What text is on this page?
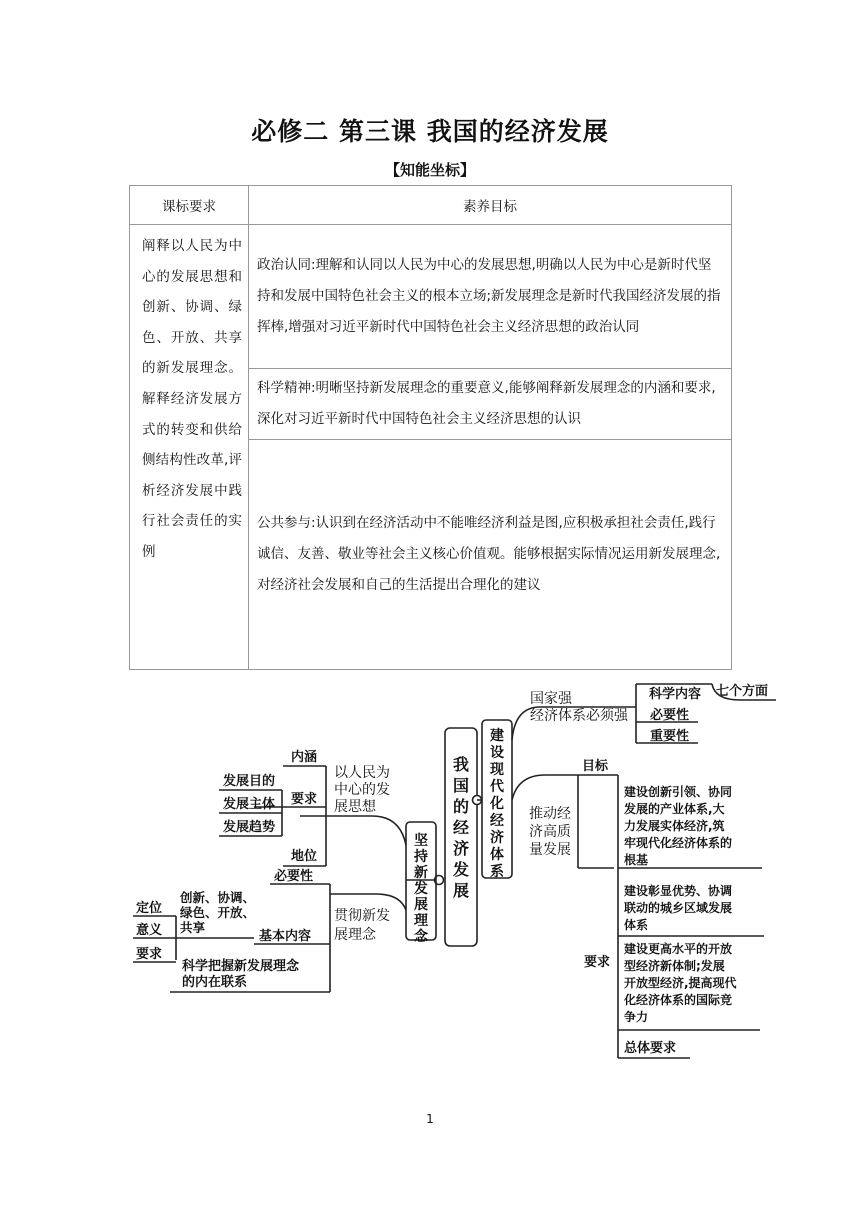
必修二 第三课 我国的经济发展
【知能坐标】
课标要求	素养目标
阐释以人民为中心的发展思想和创新、协调、绿色、开放、共享的新发展理念。解释经济发展方式的转变和供给侧结构性改革,评析经济发展中践行社会责任的实例	政治认同:理解和认同以人民为中心的发展思想,明确以人民为中心是新时代坚持和发展中国特色社会主义的根本立场;新发展理念是新时代我国经济发展的指挥棒,增强对习近平新时代中国特色社会主义经济思想的政治认同
	科学精神:明晰坚持新发展理念的重要意义,能够阐释新发展理念的内涵和要求,深化对习近平新时代中国特色社会主义经济思想的认识
	公共参与:认识到在经济活动中不能唯经济利益是图,应积极承担社会责任,践行诚信、友善、敬业等社会主义核心价值观。能够根据实际情况运用新发展理念,对经济社会发展和自己的生活提出合理化的建议
我国的经济发展
坚持新发展理念
建设现代化经济体系
以人民为中心的发展思想
内涵
要求
地位
发展目的
发展主体
发展趋势
贯彻新发展理念
必要性
基本内容
创新、协调、绿色、开放、共享
定位
意义
要求
科学把握新发展理念的内在联系
国家强经济体系必须强
科学内容 七个方面
必要性
重要性
推动经济高质量发展
目标
建设创新引领、协同发展的产业体系,大力发展实体经济,筑牢现代化经济体系的根基
要求
建设彰显优势、协调联动的城乡区域发展体系
建设更高水平的开放型经济新体制;发展开放型经济,提高现代化经济体系的国际竞争力
总体要求
1
